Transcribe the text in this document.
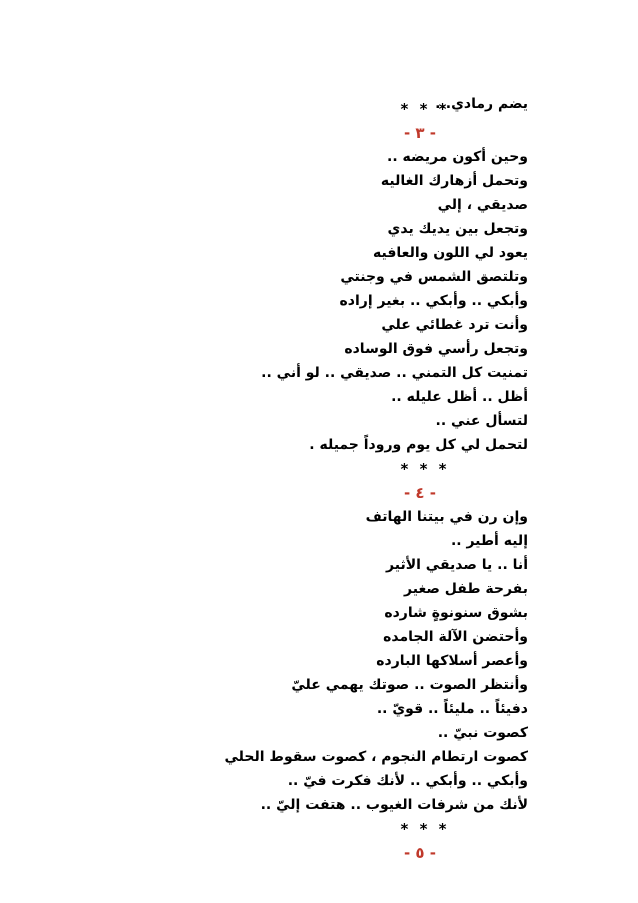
يضم رمادي...
* * *
- ٣ -
وحين أكون مريضه ..
وتحمل أزهارك الغاليه
صديقي ، إلي
وتجعل بين يديك يدي
يعود لي اللون والعافيه
وتلتصق الشمس في وجنتي
وأبكي .. وأبكي .. بغير إراده
وأنت ترد غطائي علي
وتجعل رأسي فوق الوساده
تمنيت كل التمني .. صديقي .. لو أني ..
أظل .. أظل عليله ..
لتسأل عني ..
لتحمل لي كل يوم وروداً جميله .
* * *
- ٤ -
وإن رن في بيتنا الهاتف
إليه أطير ..
أنا .. يا صديقي الأثير
بفرحة طفل صغير
بشوق سنونوةٍ شارده
وأحتضن الآلة الجامده
وأعصر أسلاكها البارده
وأنتظر الصوت .. صوتك يهمي عليّ
دفيئاً .. مليئاً .. قويّ ..
كصوت نبيّ ..
كصوت ارتطام النجوم ، كصوت سقوط الحلي
وأبكي .. وأبكي .. لأنك فكرت فيّ ..
لأنك من شرفات الغيوب .. هتفت إليّ ..
* * *
- ٥ -
